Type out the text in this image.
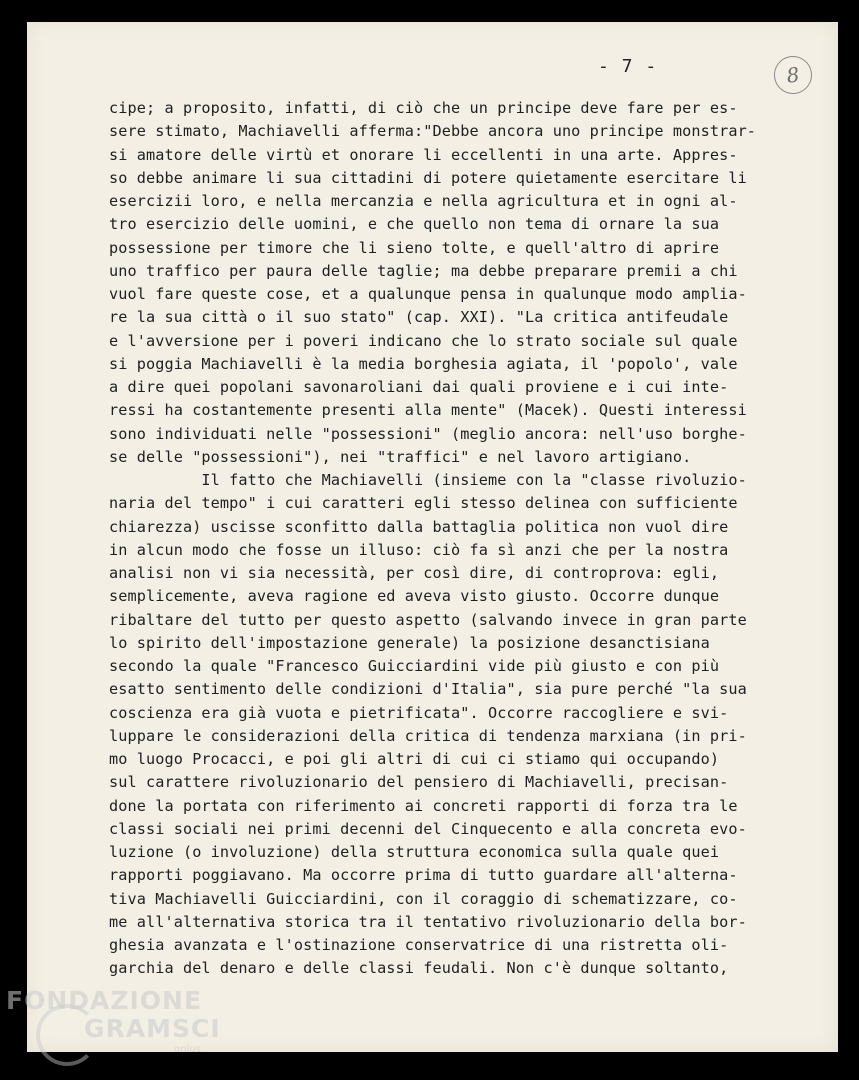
- 7 -	8
cipe; a proposito, infatti, di ciò che un principe deve fare per es-
sere stimato, Machiavelli afferma:"Debbe ancora uno principe monstrar-
si amatore delle virtù et onorare li eccellenti in una arte. Appres-
so debbe animare li sua cittadini di potere quietamente esercitare li
esercizii loro, e nella mercanzia e nella agricultura et in ogni al-
tro esercizio delle uomini, e che quello non tema di ornare la sua
possessione per timore che li sieno tolte, e quell'altro di aprire
uno traffico per paura delle taglie; ma debbe preparare premii a chi
vuol fare queste cose, et a qualunque pensa in qualunque modo amplia-
re la sua città o il suo stato" (cap. XXI). "La critica antifeudale
e l'avversione per i poveri indicano che lo strato sociale sul quale
si poggia Machiavelli è la media borghesia agiata, il 'popolo', vale
a dire quei popolani savonaroliani dai quali proviene e i cui inte-
ressi ha costantemente presenti alla mente" (Macek). Questi interessi
sono individuati nelle "possessioni" (meglio ancora: nell'uso borghe-
se delle "possessioni"), nei "traffici" e nel lavoro artigiano.
Il fatto che Machiavelli (insieme con la "classe rivoluzio-
naria del tempo" i cui caratteri egli stesso delinea con sufficiente
chiarezza) uscisse sconfitto dalla battaglia politica non vuol dire
in alcun modo che fosse un illuso: ciò fa sì anzi che per la nostra
analisi non vi sia necessità, per così dire, di controprova: egli,
semplicemente, aveva ragione ed aveva visto giusto. Occorre dunque
ribaltare del tutto per questo aspetto (salvando invece in gran parte
lo spirito dell'impostazione generale) la posizione desanctisiana
secondo la quale "Francesco Guicciardini vide più giusto e con più
esatto sentimento delle condizioni d'Italia", sia pure perché "la sua
coscienza era già vuota e pietrificata". Occorre raccogliere e svi-
luppare le considerazioni della critica di tendenza marxiana (in pri-
mo luogo Procacci, e poi gli altri di cui ci stiamo qui occupando)
sul carattere rivoluzionario del pensiero di Machiavelli, precisan-
done la portata con riferimento ai concreti rapporti di forza tra le
classi sociali nei primi decenni del Cinquecento e alla concreta evo-
luzione (o involuzione) della struttura economica sulla quale quei
rapporti poggiavano. Ma occorre prima di tutto guardare all'alterna-
tiva Machiavelli Guicciardini, con il coraggio di schematizzare, co-
me all'alternativa storica tra il tentativo rivoluzionario della bor-
ghesia avanzata e l'ostinazione conservatrice di una ristretta oli-
garchia del denaro e delle classi feudali. Non c'è dunque soltanto,
FONDAZIONE
GRAMSCI
onlus
